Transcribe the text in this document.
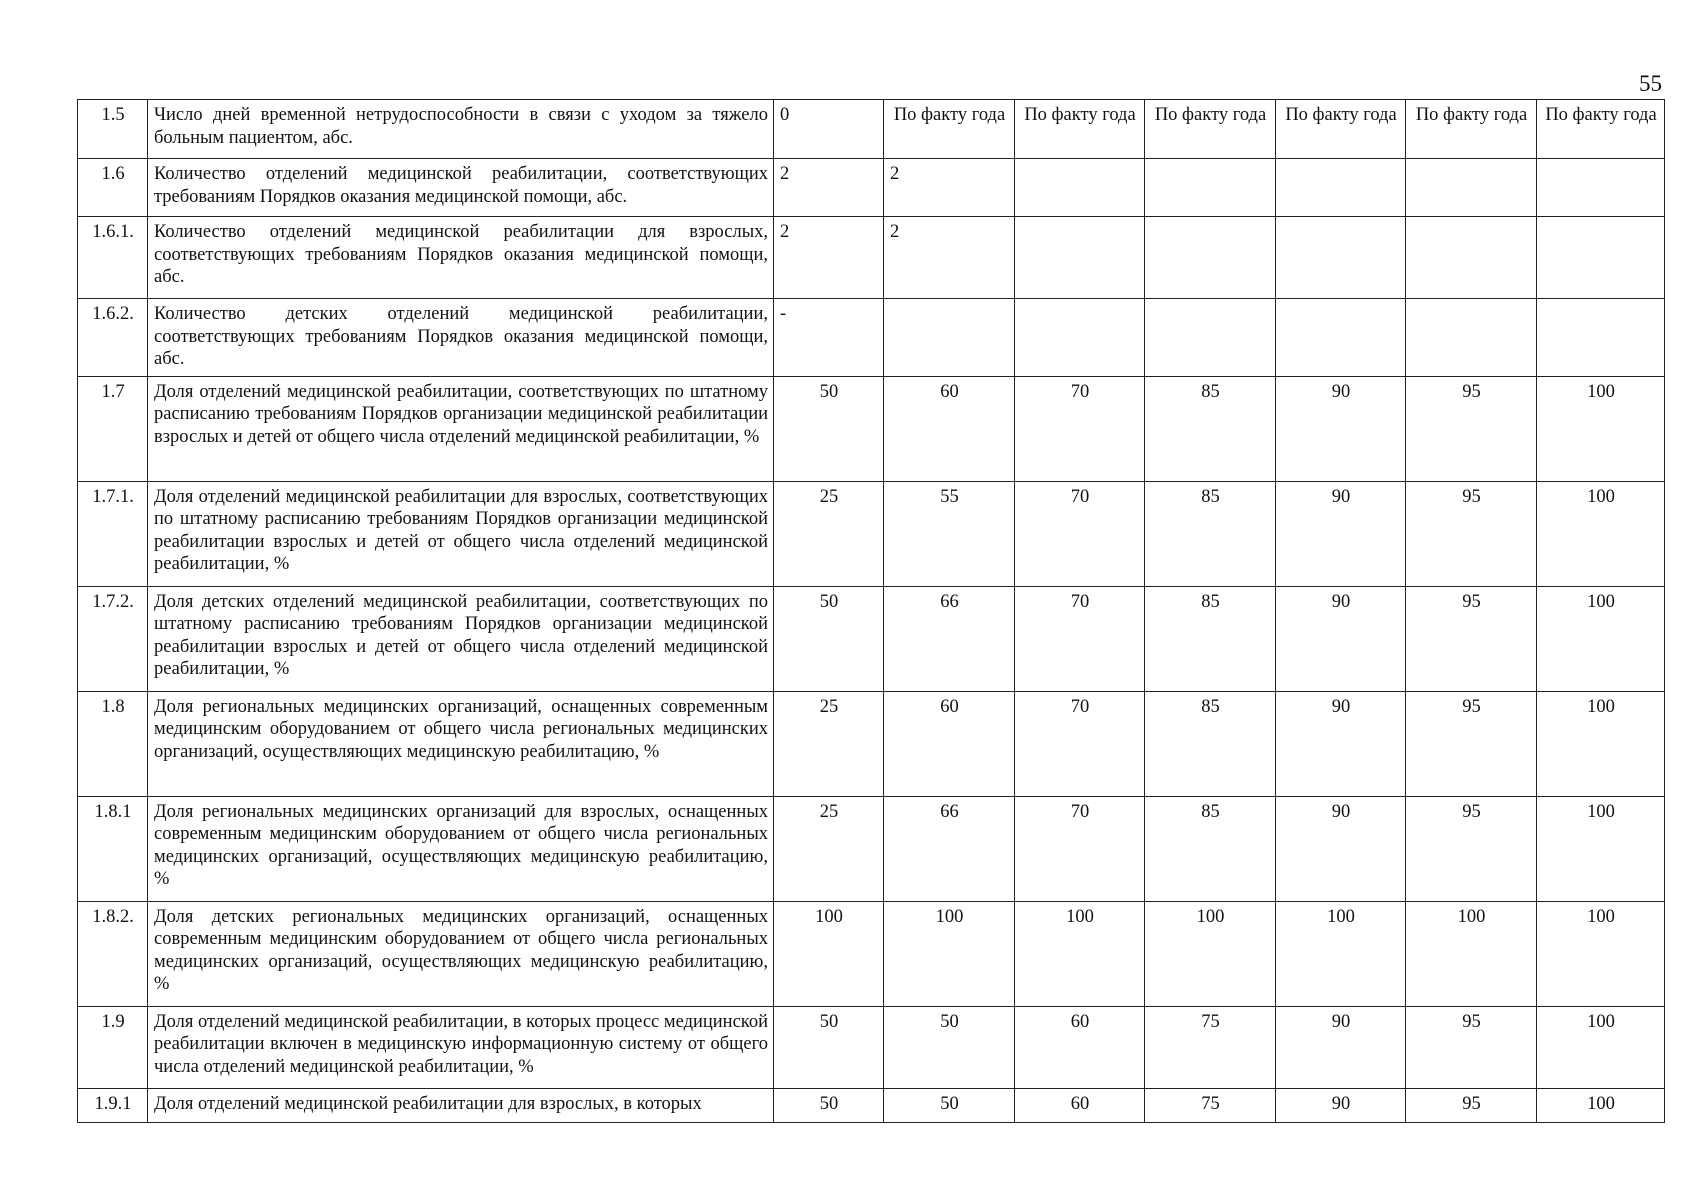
55
1.5	Число дней временной нетрудоспособности в связи с уходом за тяжело больным пациентом, абс.	0	По факту года	По факту года	По факту года	По факту года	По факту года	По факту года
1.6	Количество отделений медицинской реабилитации, соответствующих требованиям Порядков оказания медицинской помощи, абс.	2	2					
1.6.1.	Количество отделений медицинской реабилитации для взрослых, соответствующих требованиям Порядков оказания медицинской помощи, абс.	2	2					
1.6.2.	Количество детских отделений медицинской реабилитации, соответствующих требованиям Порядков оказания медицинской помощи, абс.	-						
1.7	Доля отделений медицинской реабилитации, соответствующих по штатному расписанию требованиям Порядков организации медицинской реабилитации взрослых и детей от общего числа отделений медицинской реабилитации, %	50	60	70	85	90	95	100
1.7.1.	Доля отделений медицинской реабилитации для взрослых, соответствующих по штатному расписанию требованиям Порядков организации медицинской реабилитации взрослых и детей от общего числа отделений медицинской реабилитации, %	25	55	70	85	90	95	100
1.7.2.	Доля детских отделений медицинской реабилитации, соответствующих по штатному расписанию требованиям Порядков организации медицинской реабилитации взрослых и детей от общего числа отделений медицинской реабилитации, %	50	66	70	85	90	95	100
1.8	Доля региональных медицинских организаций, оснащенных современным медицинским оборудованием от общего числа региональных медицинских организаций, осуществляющих медицинскую реабилитацию, %	25	60	70	85	90	95	100
1.8.1	Доля региональных медицинских организаций для взрослых, оснащенных современным медицинским оборудованием от общего числа региональных медицинских организаций, осуществляющих медицинскую реабилитацию, %	25	66	70	85	90	95	100
1.8.2.	Доля детских региональных медицинских организаций, оснащенных современным медицинским оборудованием от общего числа региональных медицинских организаций, осуществляющих медицинскую реабилитацию, %	100	100	100	100	100	100	100
1.9	Доля отделений медицинской реабилитации, в которых процесс медицинской реабилитации включен в медицинскую информационную систему от общего числа отделений медицинской реабилитации, %	50	50	60	75	90	95	100
1.9.1	Доля отделений медицинской реабилитации для взрослых, в которых	50	50	60	75	90	95	100
